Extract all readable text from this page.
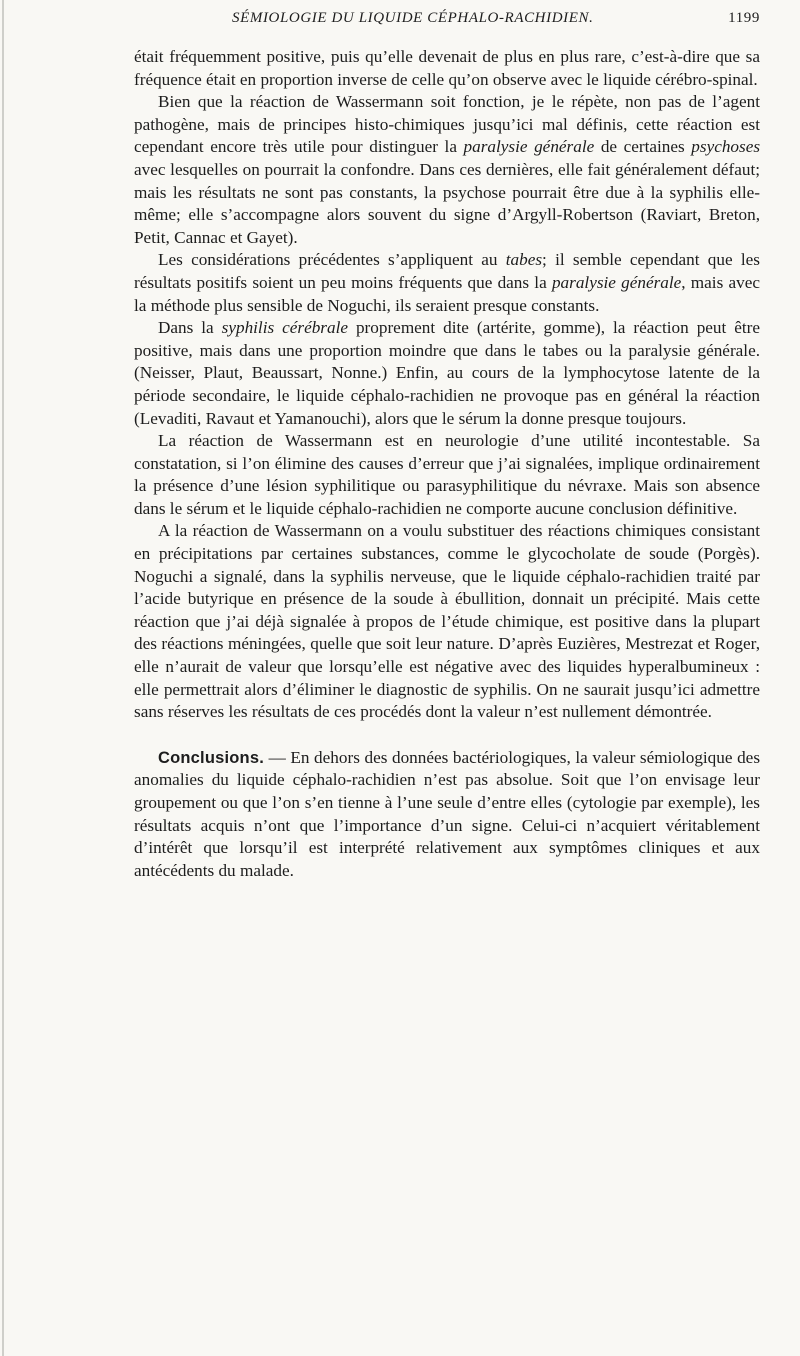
SÉMIOLOGIE DU LIQUIDE CÉPHALO-RACHIDIEN.	1199

était fréquemment positive, puis qu’elle devenait de plus en plus rare, c’est-à-dire que sa fréquence était en proportion inverse de celle qu’on observe avec le liquide cérébro-spinal.

Bien que la réaction de Wassermann soit fonction, je le répète, non pas de l’agent pathogène, mais de principes histo-chimiques jusqu’ici mal définis, cette réaction est cependant encore très utile pour distinguer la paralysie générale de certaines psychoses avec lesquelles on pourrait la confondre. Dans ces dernières, elle fait généralement défaut; mais les résultats ne sont pas constants, la psychose pourrait être due à la syphilis elle-même; elle s’accompagne alors souvent du signe d’Argyll-Robertson (Raviart, Breton, Petit, Cannac et Gayet).

Les considérations précédentes s’appliquent au tabes; il semble cependant que les résultats positifs soient un peu moins fréquents que dans la paralysie générale, mais avec la méthode plus sensible de Noguchi, ils seraient presque constants.

Dans la syphilis cérébrale proprement dite (artérite, gomme), la réaction peut être positive, mais dans une proportion moindre que dans le tabes ou la paralysie générale. (Neisser, Plaut, Beaussart, Nonne.) Enfin, au cours de la lymphocytose latente de la période secondaire, le liquide céphalo-rachidien ne provoque pas en général la réaction (Levaditi, Ravaut et Yamanouchi), alors que le sérum la donne presque toujours.

La réaction de Wassermann est en neurologie d’une utilité incontestable. Sa constatation, si l’on élimine des causes d’erreur que j’ai signalées, implique ordinairement la présence d’une lésion syphilitique ou parasyphilitique du névraxe. Mais son absence dans le sérum et le liquide céphalo-rachidien ne comporte aucune conclusion définitive.

A la réaction de Wassermann on a voulu substituer des réactions chimiques consistant en précipitations par certaines substances, comme le glycocholate de soude (Porgès). Noguchi a signalé, dans la syphilis nerveuse, que le liquide céphalo-rachidien traité par l’acide butyrique en présence de la soude à ébullition, donnait un précipité. Mais cette réaction que j’ai déjà signalée à propos de l’étude chimique, est positive dans la plupart des réactions méningées, quelle que soit leur nature. D’après Euzières, Mestrezat et Roger, elle n’aurait de valeur que lorsqu’elle est négative avec des liquides hyperalbumineux : elle permettrait alors d’éliminer le diagnostic de syphilis. On ne saurait jusqu’ici admettre sans réserves les résultats de ces procédés dont la valeur n’est nullement démontrée.

Conclusions. — En dehors des données bactériologiques, la valeur sémiologique des anomalies du liquide céphalo-rachidien n’est pas absolue. Soit que l’on envisage leur groupement ou que l’on s’en tienne à l’une seule d’entre elles (cytologie par exemple), les résultats acquis n’ont que l’importance d’un signe. Celui-ci n’acquiert véritablement d’intérêt que lorsqu’il est interprété relativement aux symptômes cliniques et aux antécédents du malade.
